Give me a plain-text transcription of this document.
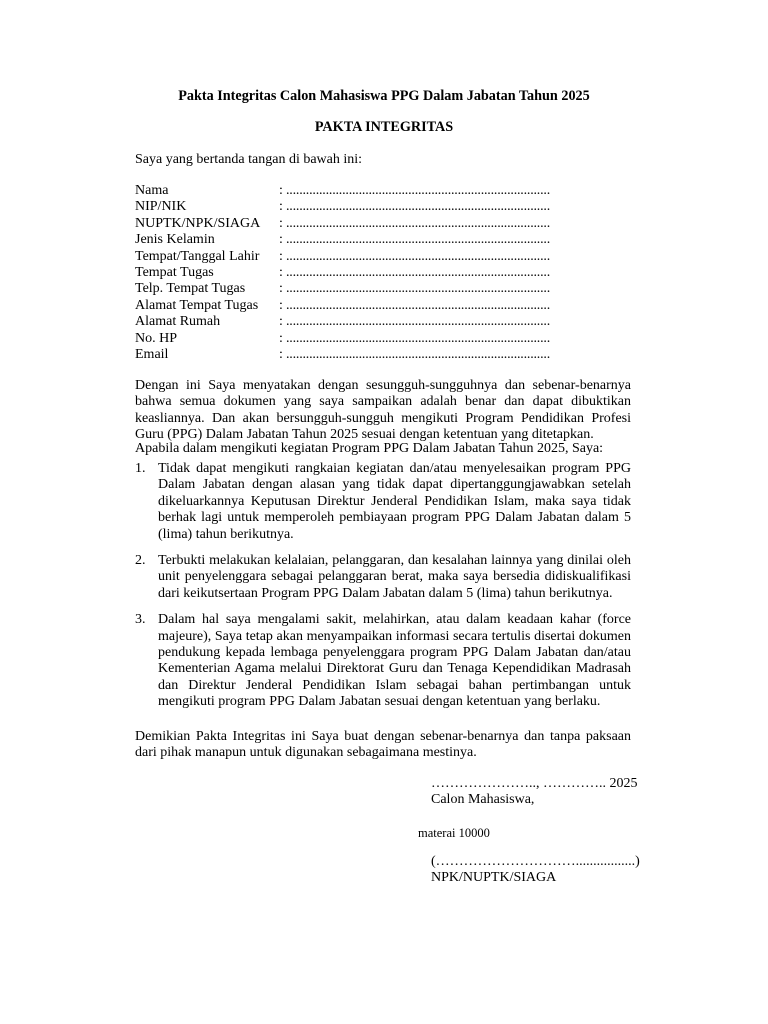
Pakta Integritas Calon Mahasiswa PPG Dalam Jabatan Tahun 2025
PAKTA INTEGRITAS
Saya yang bertanda tangan di bawah ini:
Nama	: ................................................................................
NIP/NIK	: ................................................................................
NUPTK/NPK/SIAGA : ................................................................................
Jenis Kelamin	: ................................................................................
Tempat/Tanggal Lahir : ................................................................................
Tempat Tugas	: ................................................................................
Telp. Tempat Tugas : ................................................................................
Alamat Tempat Tugas : ................................................................................
Alamat Rumah	: ................................................................................
No. HP	: ................................................................................
Email	: ................................................................................
Dengan ini Saya menyatakan dengan sesungguh-sungguhnya dan sebenar-benarnya bahwa semua dokumen yang saya sampaikan adalah benar dan dapat dibuktikan keasliannya. Dan akan bersungguh-sungguh mengikuti Program Pendidikan Profesi Guru (PPG) Dalam Jabatan Tahun 2025 sesuai dengan ketentuan yang ditetapkan.
Apabila dalam mengikuti kegiatan Program PPG Dalam Jabatan Tahun 2025, Saya:
1. Tidak dapat mengikuti rangkaian kegiatan dan/atau menyelesaikan program PPG Dalam Jabatan dengan alasan yang tidak dapat dipertanggungjawabkan setelah dikeluarkannya Keputusan Direktur Jenderal Pendidikan Islam, maka saya tidak berhak lagi untuk memperoleh pembiayaan program PPG Dalam Jabatan dalam 5 (lima) tahun berikutnya.
2. Terbukti melakukan kelalaian, pelanggaran, dan kesalahan lainnya yang dinilai oleh unit penyelenggara sebagai pelanggaran berat, maka saya bersedia didiskualifikasi dari keikutsertaan Program PPG Dalam Jabatan dalam 5 (lima) tahun berikutnya.
3. Dalam hal saya mengalami sakit, melahirkan, atau dalam keadaan kahar (force majeure), Saya tetap akan menyampaikan informasi secara tertulis disertai dokumen pendukung kepada lembaga penyelenggara program PPG Dalam Jabatan dan/atau Kementerian Agama melalui Direktorat Guru dan Tenaga Kependidikan Madrasah dan Direktur Jenderal Pendidikan Islam sebagai bahan pertimbangan untuk mengikuti program PPG Dalam Jabatan sesuai dengan ketentuan yang berlaku.
Demikian Pakta Integritas ini Saya buat dengan sebenar-benarnya dan tanpa paksaan dari pihak manapun untuk digunakan sebagaimana mestinya.
………………….., ………….. 2025
Calon Mahasiswa,
materai 10000
(………………………….................)
NPK/NUPTK/SIAGA
